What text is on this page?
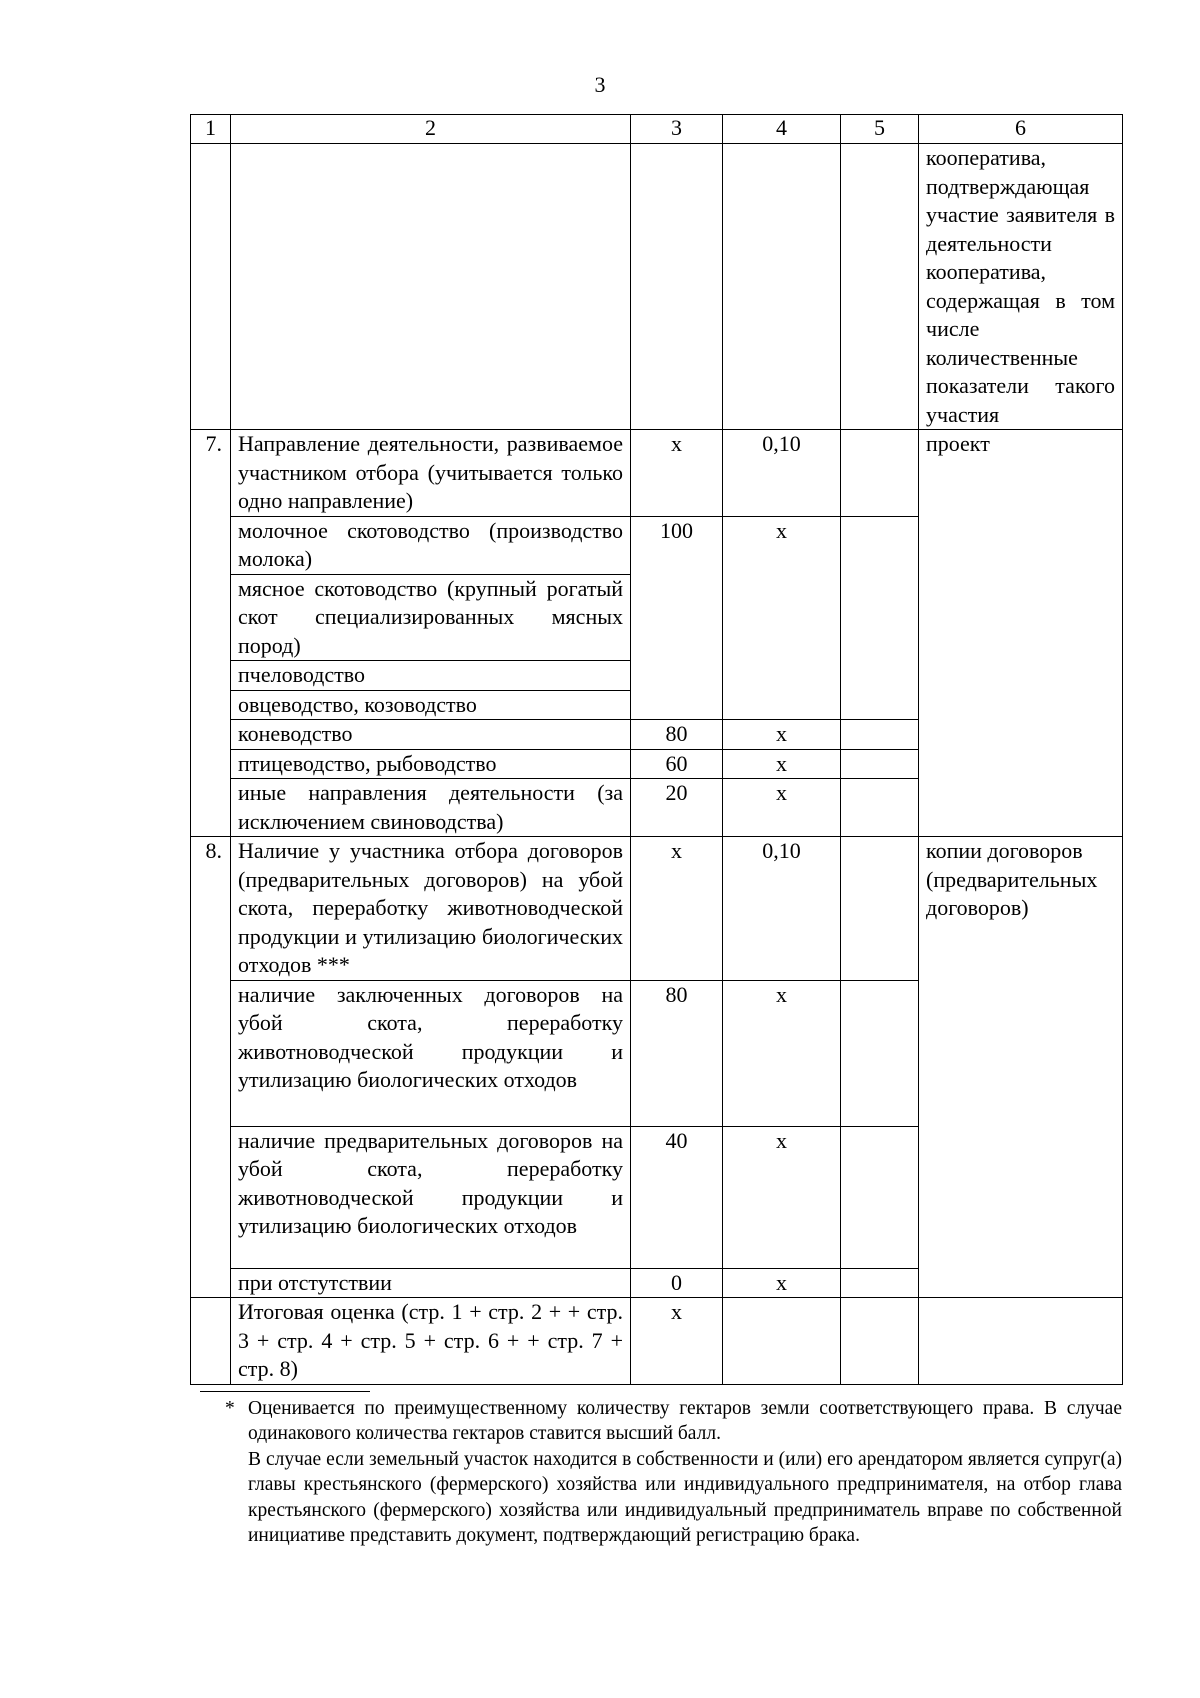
3
1	2	3	4	5	6
					кооператива, подтверждающая участие заявителя в деятельности кооператива, содержащая в том числе количественные показатели такого участия
7.	Направление деятельности, развиваемое участником отбора (учитывается только одно направление)	х	0,10		проект
	молочное скотоводство (производство молока)	100	х		
	мясное скотоводство (крупный рогатый скот специализированных мясных пород)				
	пчеловодство				
	овцеводство, козоводство				
	коневодство	80	х		
	птицеводство, рыбоводство	60	х		
	иные направления деятельности (за исключением свиноводства)	20	х		
8.	Наличие у участника отбора договоров (предварительных договоров) на убой скота, переработку животноводческой продукции и утилизацию биологических отходов ***	х	0,10		копии договоров (предварительных договоров)
	наличие заключенных договоров на убой скота, переработку животноводческой продукции и утилизацию биологических отходов	80	х		
	наличие предварительных договоров на убой скота, переработку животноводческой продукции и утилизацию биологических отходов	40	х		
	при отстутствии	0	х		
	Итоговая оценка (стр. 1 + стр. 2 + + стр. 3 + стр. 4 + стр. 5 + стр. 6 + + стр. 7 + стр. 8)	х			
* Оценивается по преимущественному количеству гектаров земли соответствующего права. В случае одинакового количества гектаров ставится высший балл.

В случае если земельный участок находится в собственности и (или) его арендатором является супруг(а) главы крестьянского (фермерского) хозяйства или индивидуального предпринимателя, на отбор глава крестьянского (фермерского) хозяйства или индивидуальный предприниматель вправе по собственной инициативе представить документ, подтверждающий регистрацию брака.
